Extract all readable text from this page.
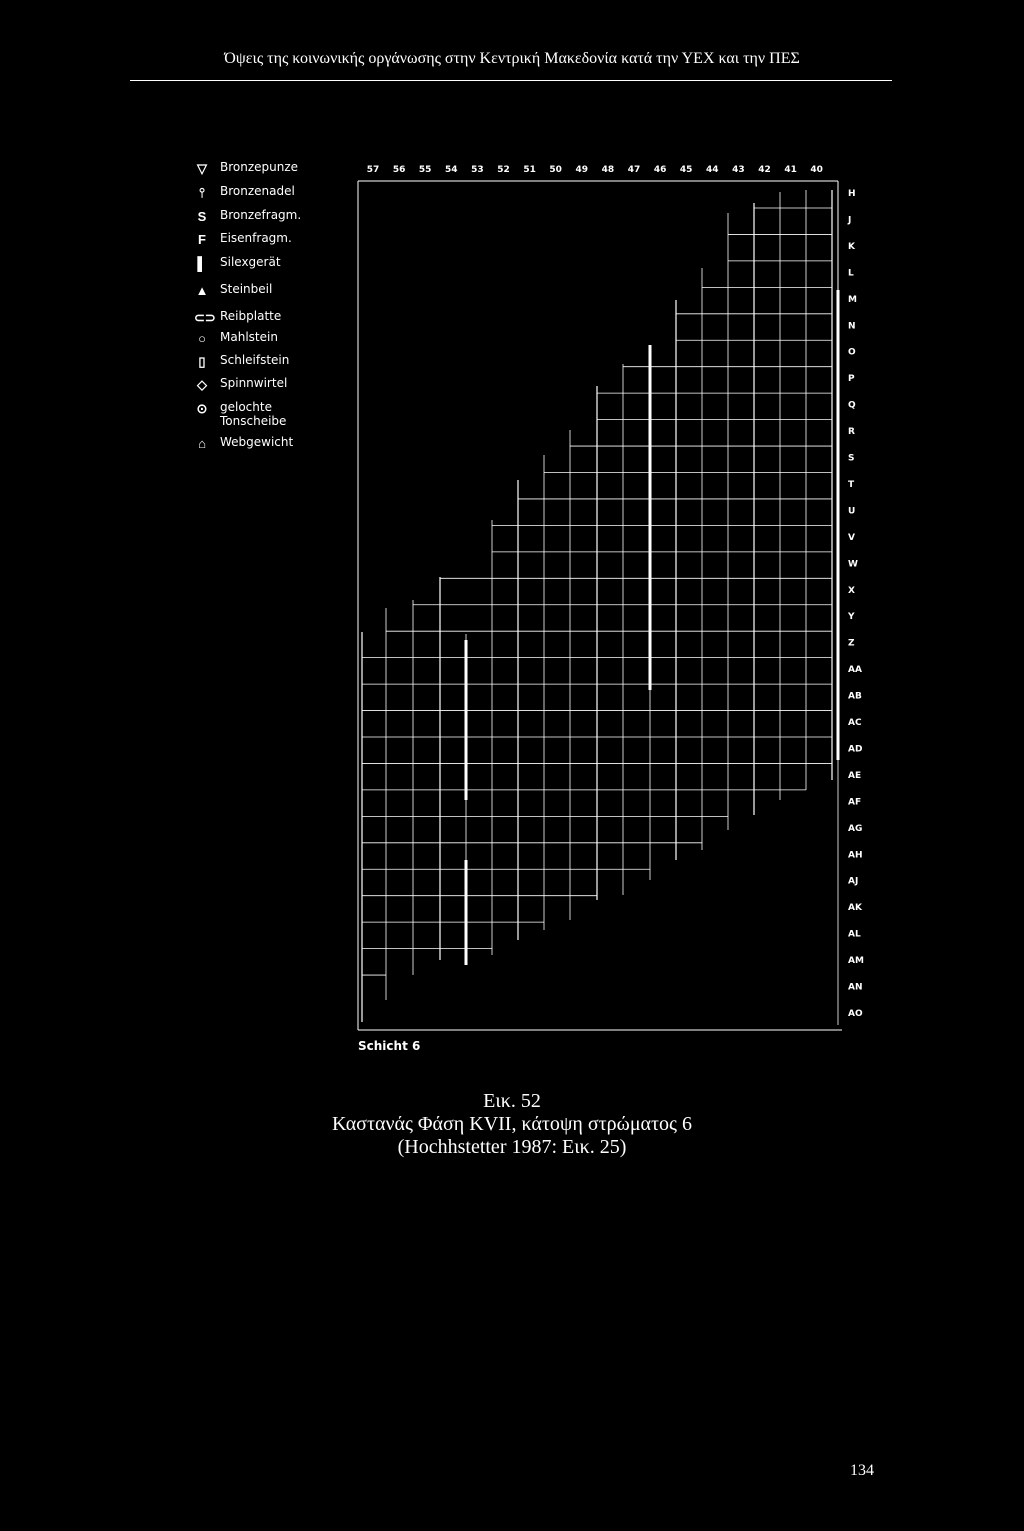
Όψεις της κοινωνικής οργάνωσης στην Κεντρική Μακεδονία κατά την ΥΕΧ και την ΠΕΣ
▽ Bronzepunze
⫯	Bronzenadel
S	Bronzefragm.
F	Eisenfragm.
▌ Silexgerät
▲ Steinbeil
⊂⊃ Reibplatte
○	Mahlstein
▯	Schleifstein
◇ Spinnwirtel
⊙ gelochte
Tonscheibe
⌂	Webgewicht
57 56 55 54 53 52 51 50 49 48 47 46 45 44 43 42 41 40
H
J
K
L
M
N
O
P
Q
R
S
T
U
V
W
X
Y
Z
AA
AB
AC
AD
AE
AF
AG
AH
AJ
AK
AL
AM
AN
AO
Schicht 6
Εικ. 52
Καστανάς Φάση KVII, κάτοψη στρώματος 6
(Hochhstetter 1987: Εικ. 25)
134
